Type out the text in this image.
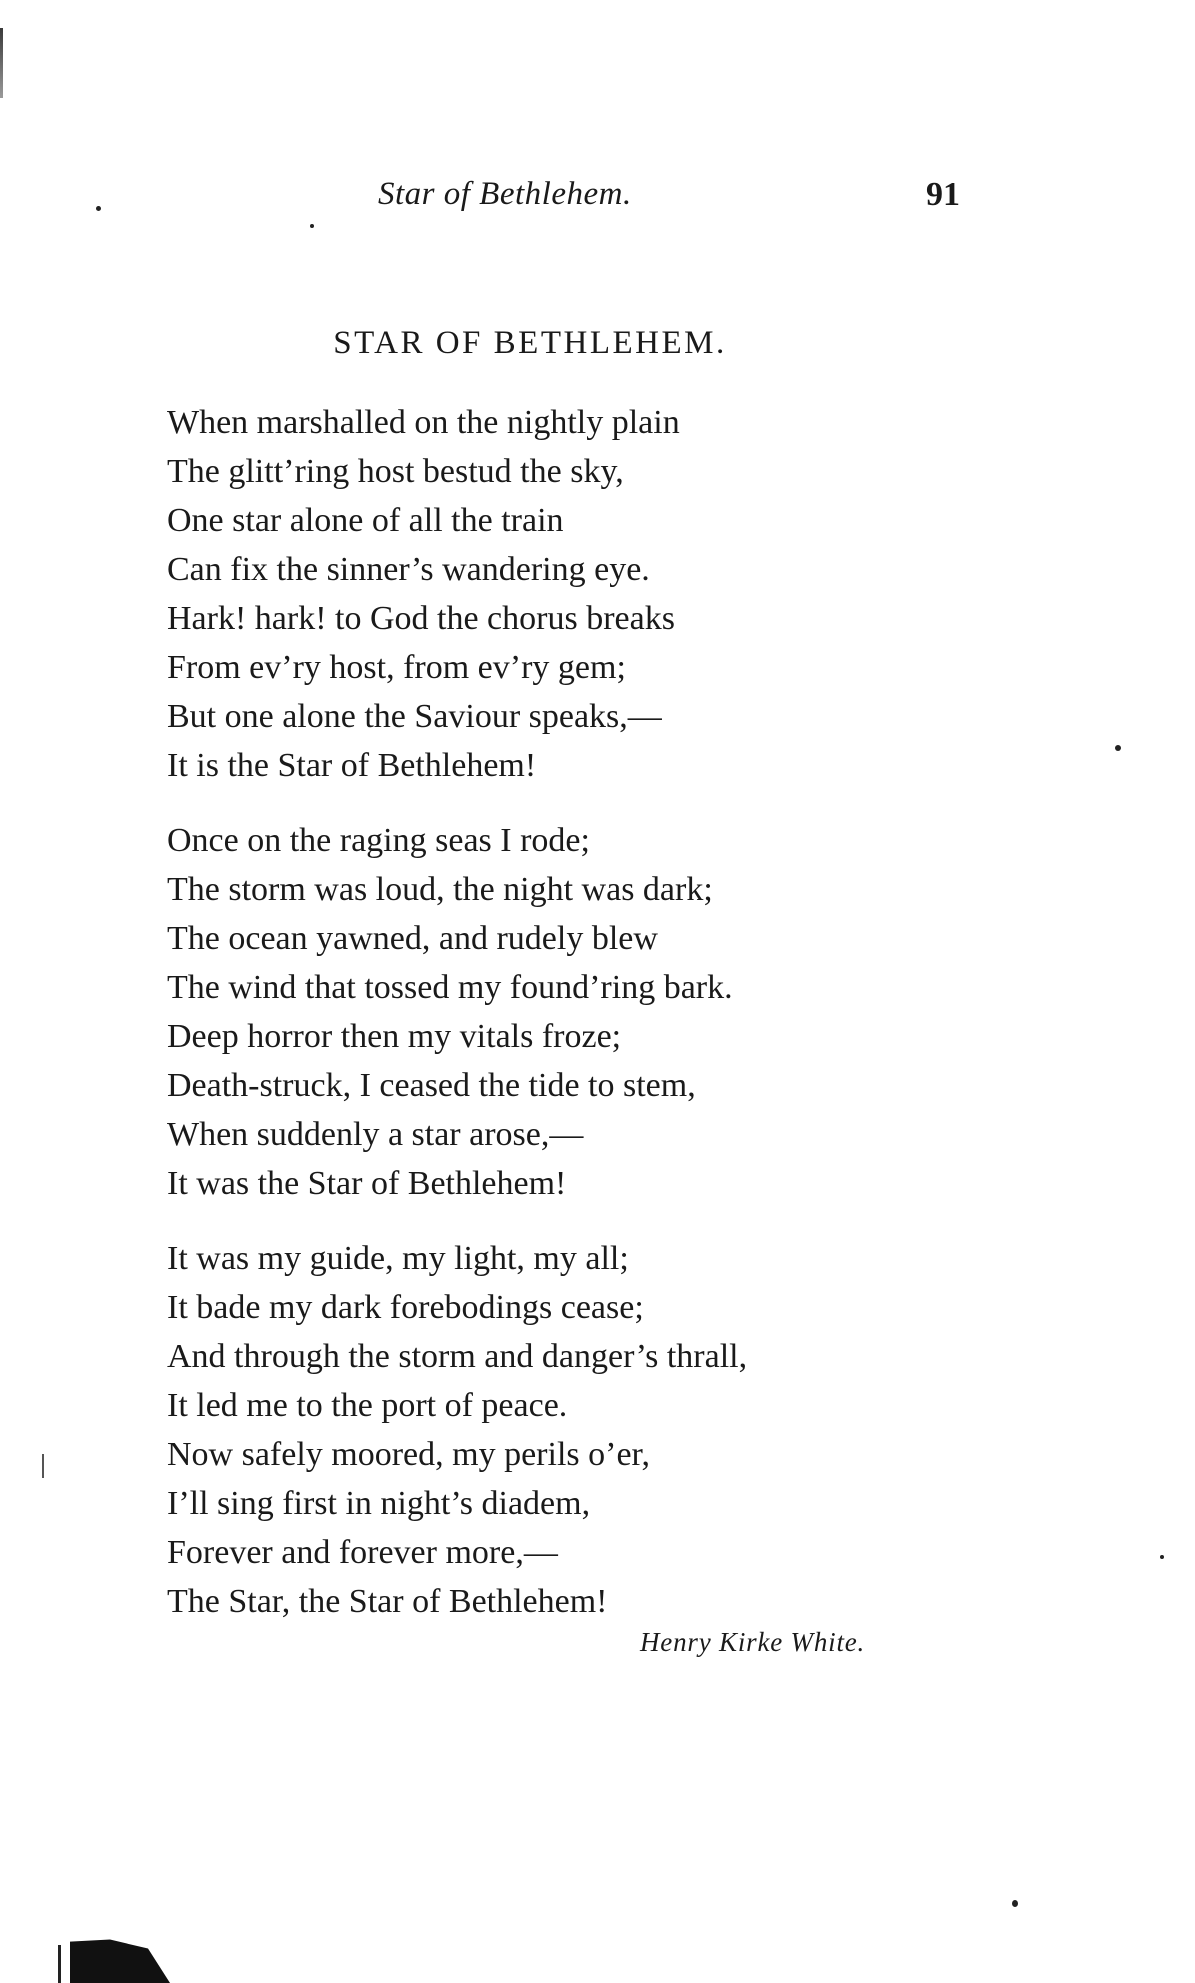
Star of Bethlehem.	91
STAR OF BETHLEHEM.
When marshalled on the nightly plain
The glitt’ring host bestud the sky,
One star alone of all the train
Can fix the sinner’s wandering eye.
Hark! hark! to God the chorus breaks
From ev’ry host, from ev’ry gem;
But one alone the Saviour speaks,—
It is the Star of Bethlehem!
Once on the raging seas I rode;
The storm was loud, the night was dark;
The ocean yawned, and rudely blew
The wind that tossed my found’ring bark.
Deep horror then my vitals froze;
Death-struck, I ceased the tide to stem,
When suddenly a star arose,—
It was the Star of Bethlehem!
It was my guide, my light, my all;
It bade my dark forebodings cease;
And through the storm and danger’s thrall,
It led me to the port of peace.
Now safely moored, my perils o’er,
I’ll sing first in night’s diadem,
Forever and forever more,—
The Star, the Star of Bethlehem!
Henry Kirke White.
